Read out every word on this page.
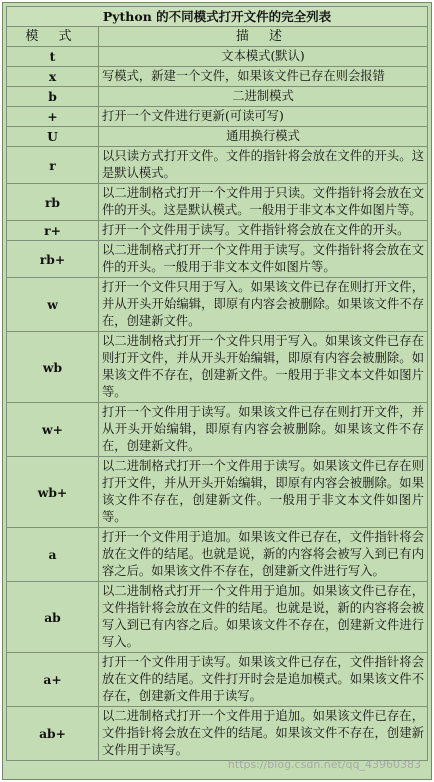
Python 的不同模式打开文件的完全列表	
模 式	描 述
t	文本模式(默认)
x	写模式，新建一个文件，如果该文件已存在则会报错
b	二进制模式
+	打开一个文件进行更新(可读可写)
U	通用换行模式
r	以只读方式打开文件。文件的指针将会放在文件的开头。这是默认模式。
rb	以二进制格式打开一个文件用于只读。文件指针将会放在文件的开头。这是默认模式。一般用于非文本文件如图片等。
r+	打开一个文件用于读写。文件指针将会放在文件的开头。
rb+	以二进制格式打开一个文件用于读写。文件指针将会放在文件的开头。一般用于非文本文件如图片等。
w	打开一个文件只用于写入。如果该文件已存在则打开文件，并从开头开始编辑，即原有内容会被删除。如果该文件不存在，创建新文件。
wb	以二进制格式打开一个文件只用于写入。如果该文件已存在则打开文件，并从开头开始编辑，即原有内容会被删除。如果该文件不存在，创建新文件。一般用于非文本文件如图片等。
w+	打开一个文件用于读写。如果该文件已存在则打开文件，并从开头开始编辑，即原有内容会被删除。如果该文件不存在，创建新文件。
wb+	以二进制格式打开一个文件用于读写。如果该文件已存在则打开文件，并从开头开始编辑，即原有内容会被删除。如果该文件不存在，创建新文件。一般用于非文本文件如图片等。
a	打开一个文件用于追加。如果该文件已存在，文件指针将会放在文件的结尾。也就是说，新的内容将会被写入到已有内容之后。如果该文件不存在，创建新文件进行写入。
ab	以二进制格式打开一个文件用于追加。如果该文件已存在，文件指针将会放在文件的结尾。也就是说，新的内容将会被写入到已有内容之后。如果该文件不存在，创建新文件进行写入。
a+	打开一个文件用于读写。如果该文件已存在，文件指针将会放在文件的结尾。文件打开时会是追加模式。如果该文件不存在，创建新文件用于读写。
ab+	以二进制格式打开一个文件用于追加。如果该文件已存在，文件指针将会放在文件的结尾。如果该文件不存在，创建新文件用于读写。
https://blog.csdn.net/qq_43960383
